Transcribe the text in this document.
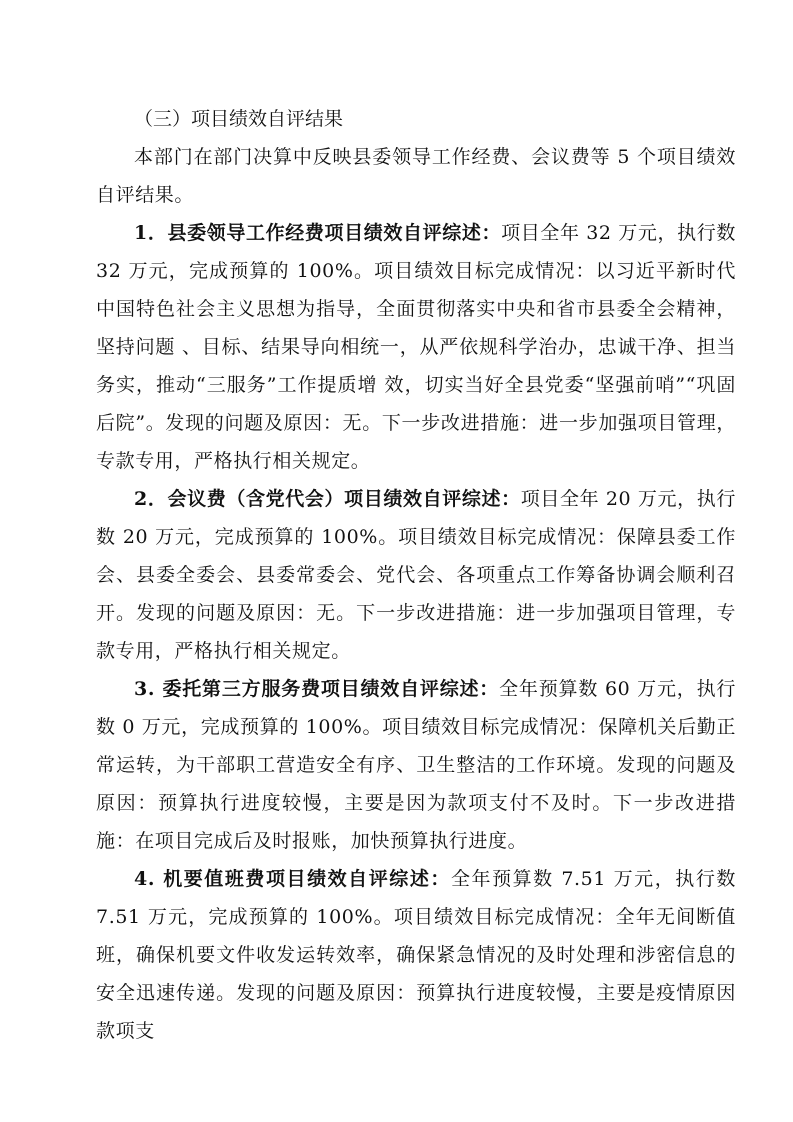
（三）项目绩效自评结果

本部门在部门决算中反映县委领导工作经费、会议费等 5 个项目绩效自评结果。

1．县委领导工作经费项目绩效自评综述：项目全年 32 万元，执行数 32 万元，完成预算的 100%。项目绩效目标完成情况：以习近平新时代中国特色社会主义思想为指导，全面贯彻落实中央和省市县委全会精神，坚持问题 、目标、结果导向相统一，从严依规科学治办，忠诚干净、担当务实，推动“三服务”工作提质增 效，切实当好全县党委“坚强前哨”“巩固后院”。发现的问题及原因：无。下一步改进措施：进一步加强项目管理，专款专用，严格执行相关规定。

2．会议费（含党代会）项目绩效自评综述：项目全年 20 万元，执行数 20 万元，完成预算的 100%。项目绩效目标完成情况：保障县委工作会、县委全委会、县委常委会、党代会、各项重点工作筹备协调会顺利召开。发现的问题及原因：无。下一步改进措施：进一步加强项目管理，专款专用，严格执行相关规定。

3. 委托第三方服务费项目绩效自评综述：全年预算数 60 万元，执行数 0 万元，完成预算的 100%。项目绩效目标完成情况：保障机关后勤正常运转，为干部职工营造安全有序、卫生整洁的工作环境。发现的问题及原因：预算执行进度较慢，主要是因为款项支付不及时。下一步改进措施：在项目完成后及时报账，加快预算执行进度。

4. 机要值班费项目绩效自评综述：全年预算数 7.51 万元，执行数 7.51 万元，完成预算的 100%。项目绩效目标完成情况：全年无间断值班，确保机要文件收发运转效率，确保紧急情况的及时处理和涉密信息的安全迅速传递。发现的问题及原因：预算执行进度较慢，主要是疫情原因款项支
